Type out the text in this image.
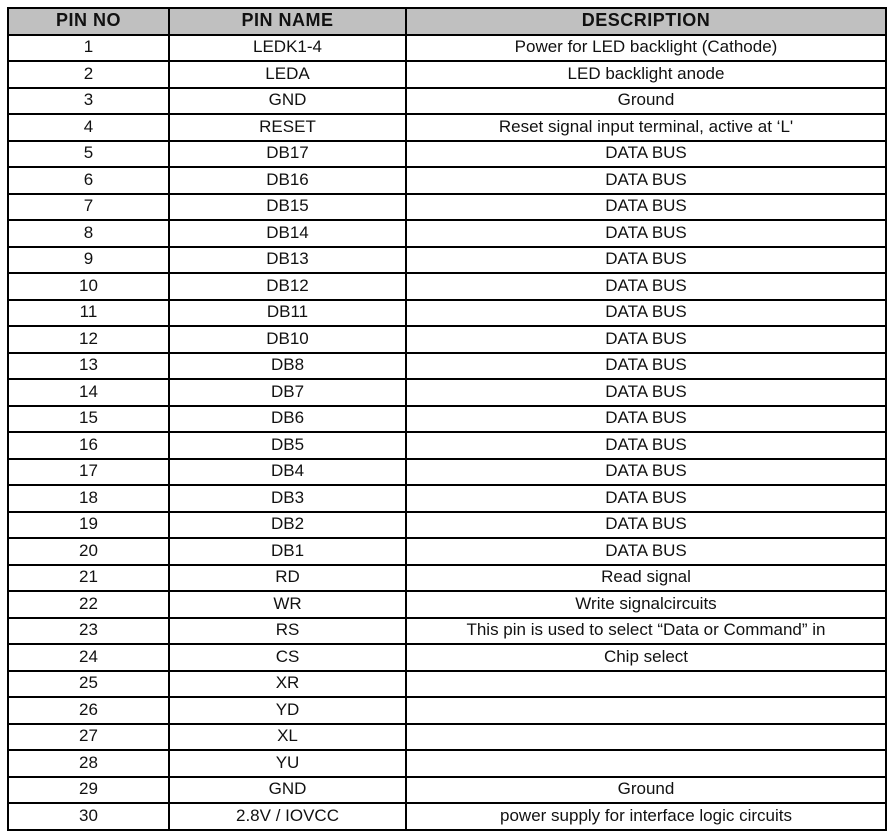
PIN NO	PIN NAME	DESCRIPTION
1	LEDK1-4	Power for LED backlight (Cathode)
2	LEDA	LED backlight anode
3	GND	Ground
4	RESET	Reset signal input terminal, active at ‘L'
5	DB17	DATA BUS
6	DB16	DATA BUS
7	DB15	DATA BUS
8	DB14	DATA BUS
9	DB13	DATA BUS
10	DB12	DATA BUS
11	DB11	DATA BUS
12	DB10	DATA BUS
13	DB8	DATA BUS
14	DB7	DATA BUS
15	DB6	DATA BUS
16	DB5	DATA BUS
17	DB4	DATA BUS
18	DB3	DATA BUS
19	DB2	DATA BUS
20	DB1	DATA BUS
21	RD	Read signal
22	WR	Write signalcircuits
23	RS	This pin is used to select “Data or Command” in
24	CS	Chip select
25	XR	
26	YD	
27	XL	
28	YU	
29	GND	Ground
30	2.8V / IOVCC	power supply for interface logic circuits
